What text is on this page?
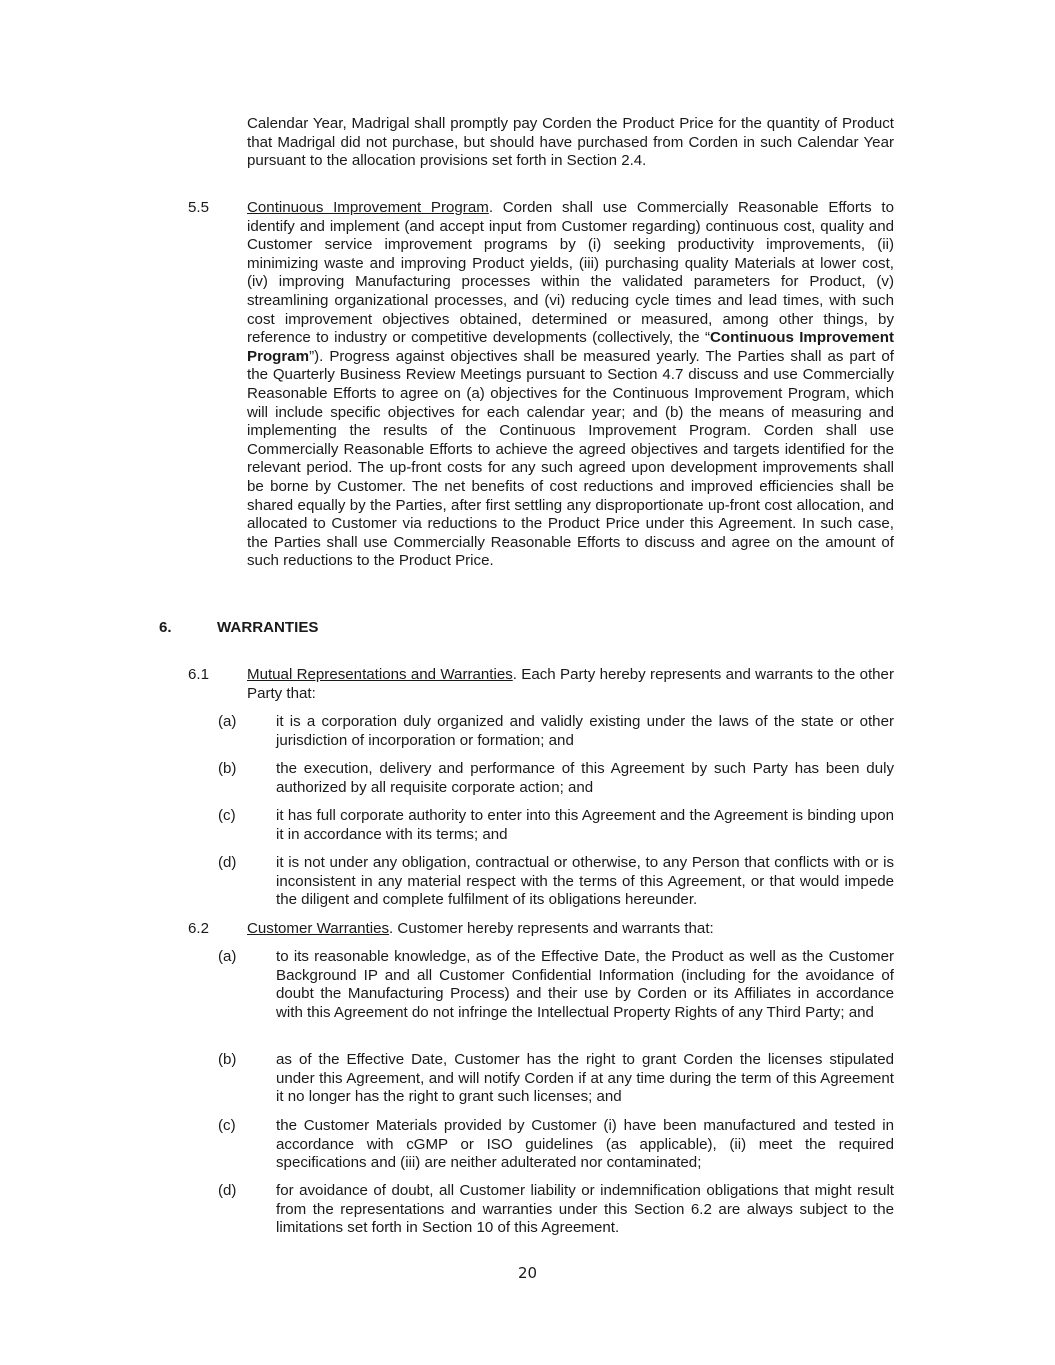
Calendar Year, Madrigal shall promptly pay Corden the Product Price for the quantity of Product that Madrigal did not purchase, but should have purchased from Corden in such Calendar Year pursuant to the allocation provisions set forth in Section 2.4.

5.5	Continuous Improvement Program. Corden shall use Commercially Reasonable Efforts to identify and implement (and accept input from Customer regarding) continuous cost, quality and Customer service improvement programs by (i) seeking productivity improvements, (ii) minimizing waste and improving Product yields, (iii) purchasing quality Materials at lower cost, (iv) improving Manufacturing processes within the validated parameters for Product, (v) streamlining organizational processes, and (vi) reducing cycle times and lead times, with such cost improvement objectives obtained, determined or measured, among other things, by reference to industry or competitive developments (collectively, the “Continuous Improvement Program”). Progress against objectives shall be measured yearly. The Parties shall as part of the Quarterly Business Review Meetings pursuant to Section 4.7 discuss and use Commercially Reasonable Efforts to agree on (a) objectives for the Continuous Improvement Program, which will include specific objectives for each calendar year; and (b) the means of measuring and implementing the results of the Continuous Improvement Program. Corden shall use Commercially Reasonable Efforts to achieve the agreed objectives and targets identified for the relevant period. The up-front costs for any such agreed upon development improvements shall be borne by Customer. The net benefits of cost reductions and improved efficiencies shall be shared equally by the Parties, after first settling any disproportionate up-front cost allocation, and allocated to Customer via reductions to the Product Price under this Agreement. In such case, the Parties shall use Commercially Reasonable Efforts to discuss and agree on the amount of such reductions to the Product Price.

6.	WARRANTIES

6.1	Mutual Representations and Warranties. Each Party hereby represents and warrants to the other Party that:

(a)	it is a corporation duly organized and validly existing under the laws of the state or other jurisdiction of incorporation or formation; and

(b)	the execution, delivery and performance of this Agreement by such Party has been duly authorized by all requisite corporate action; and

(c)	it has full corporate authority to enter into this Agreement and the Agreement is binding upon it in accordance with its terms; and

(d)	it is not under any obligation, contractual or otherwise, to any Person that conflicts with or is inconsistent in any material respect with the terms of this Agreement, or that would impede the diligent and complete fulfilment of its obligations hereunder.

6.2	Customer Warranties. Customer hereby represents and warrants that:

(a)	to its reasonable knowledge, as of the Effective Date, the Product as well as the Customer Background IP and all Customer Confidential Information (including for the avoidance of doubt the Manufacturing Process) and their use by Corden or its Affiliates in accordance with this Agreement do not infringe the Intellectual Property Rights of any Third Party; and

(b)	as of the Effective Date, Customer has the right to grant Corden the licenses stipulated under this Agreement, and will notify Corden if at any time during the term of this Agreement it no longer has the right to grant such licenses; and

(c)	the Customer Materials provided by Customer (i) have been manufactured and tested in accordance with cGMP or ISO guidelines (as applicable), (ii) meet the required specifications and (iii) are neither adulterated nor contaminated;

(d)	for avoidance of doubt, all Customer liability or indemnification obligations that might result from the representations and warranties under this Section 6.2 are always subject to the limitations set forth in Section 10 of this Agreement.

20
